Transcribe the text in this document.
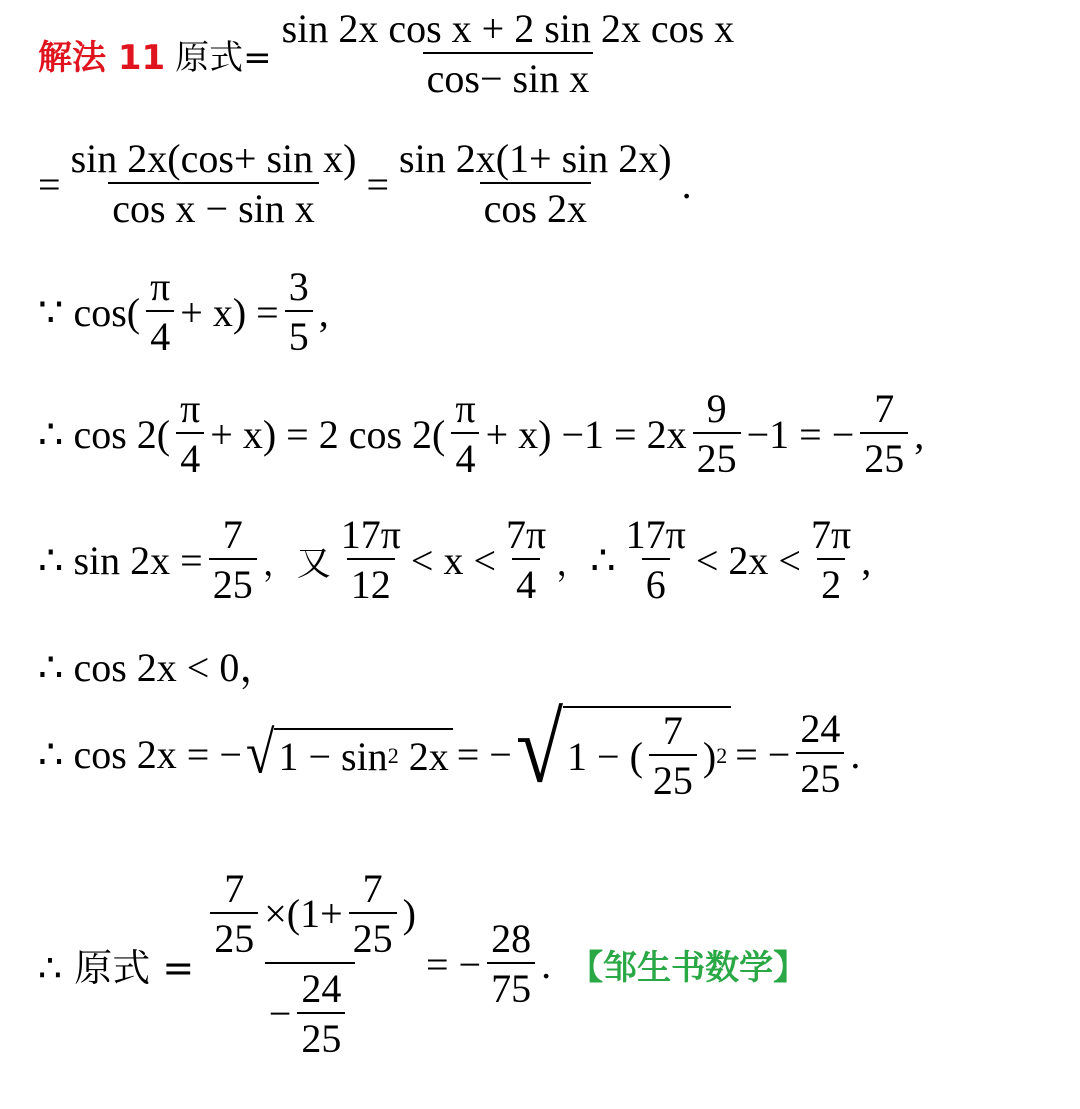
解法 11 原式= $\frac{\text{sin 2x cos x + 2 sin 2x cos x}}{\text{cos− sin x}}$
= $\frac{\text{sin 2x(cos+ sin x)}}{\text{cos x − sin x}} = \frac{\sin 2x(1+ \sin 2x)}{\cos 2x}$ .
∵ $\cos( \frac{\pi}{4} + x) = \frac{3}{5}$ ,
∴ $\cos 2( \frac{\pi}{4} + x) = 2$ $\cos 2( \frac{\pi}{4} + x) -1 = 2x \frac{9}{25} -1$ = − $\frac{7}{25}$ ,
∴ $\sin 2x = \frac{7}{25}$ ， 又 $\frac{17\pi}{12} < x < \frac{7\pi}{4}$ ， ∴ $\frac{17\pi}{6} < 2x < \frac{7\pi}{2}$ ,
∴ cos 2x < 0，
∴ cos 2x = − √ 1 − sin 2
2x = − √ 1 − ( $\frac{7}{25}$ ) 2 = − $\frac{24}{25}$ .
∴ 原式 =
$\frac{7}{25} \times(1+ \frac{7}{25}$ )
− $\frac{24}{25}$
= − $\frac{28}{75}$ . 【邹生书数学】
